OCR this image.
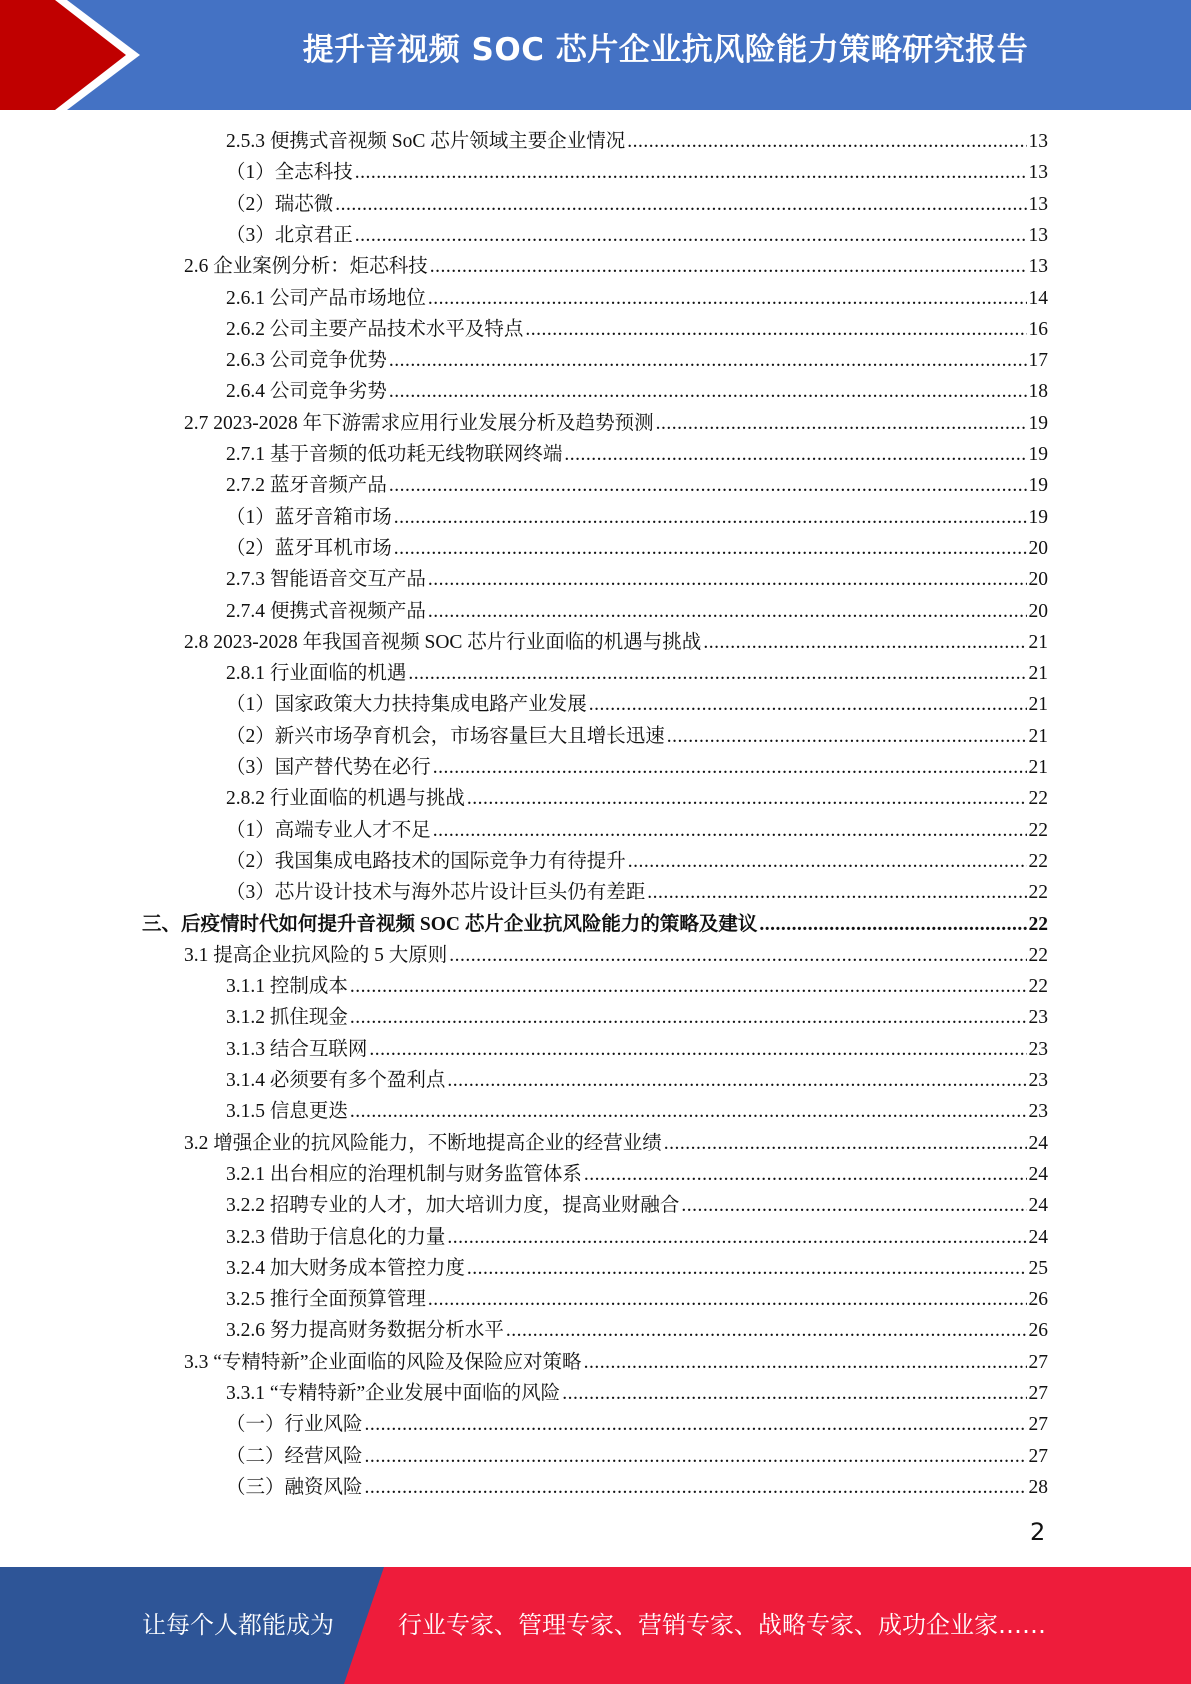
提升音视频 SOC 芯片企业抗风险能力策略研究报告
2.5.3 便携式音视频 SoC 芯片领域主要企业情况 .....	13
（1）全志科技 .....	13
（2）瑞芯微 .....	13
（3）北京君正 .....	13
2.6 企业案例分析：炬芯科技 .....	13
2.6.1 公司产品市场地位 .....	14
2.6.2 公司主要产品技术水平及特点 .....	16
2.6.3 公司竞争优势 .....	17
2.6.4 公司竞争劣势 .....	18
2.7 2023-2028 年下游需求应用行业发展分析及趋势预测 .....	19
2.7.1 基于音频的低功耗无线物联网终端 .....	19
2.7.2 蓝牙音频产品 .....	19
（1）蓝牙音箱市场 .....	19
（2）蓝牙耳机市场 .....	20
2.7.3 智能语音交互产品 .....	20
2.7.4 便携式音视频产品 .....	20
2.8 2023-2028 年我国音视频 SOC 芯片行业面临的机遇与挑战 .....	21
2.8.1 行业面临的机遇 .....	21
（1）国家政策大力扶持集成电路产业发展 .....	21
（2）新兴市场孕育机会，市场容量巨大且增长迅速 .....	21
（3）国产替代势在必行 .....	21
2.8.2 行业面临的机遇与挑战 .....	22
（1）高端专业人才不足 .....	22
（2）我国集成电路技术的国际竞争力有待提升 .....	22
（3）芯片设计技术与海外芯片设计巨头仍有差距 .....	22
三、后疫情时代如何提升音视频 SOC 芯片企业抗风险能力的策略及建议 .....	22
3.1 提高企业抗风险的 5 大原则 .....	22
3.1.1 控制成本 .....	22
3.1.2 抓住现金 .....	23
3.1.3 结合互联网 .....	23
3.1.4 必须要有多个盈利点 .....	23
3.1.5 信息更迭 .....	23
3.2 增强企业的抗风险能力，不断地提高企业的经营业绩 .....	24
3.2.1 出台相应的治理机制与财务监管体系 .....	24
3.2.2 招聘专业的人才，加大培训力度，提高业财融合 .....	24
3.2.3 借助于信息化的力量 .....	24
3.2.4 加大财务成本管控力度 .....	25
3.2.5 推行全面预算管理 .....	26
3.2.6 努力提高财务数据分析水平 .....	26
3.3 “专精特新”企业面临的风险及保险应对策略 .....	27
3.3.1 “专精特新”企业发展中面临的风险 .....	27
（一）行业风险 .....	27
（二）经营风险 .....	27
（三）融资风险 .....	28
2
让每个人都能成为	行业专家、管理专家、营销专家、战略专家、成功企业家……
